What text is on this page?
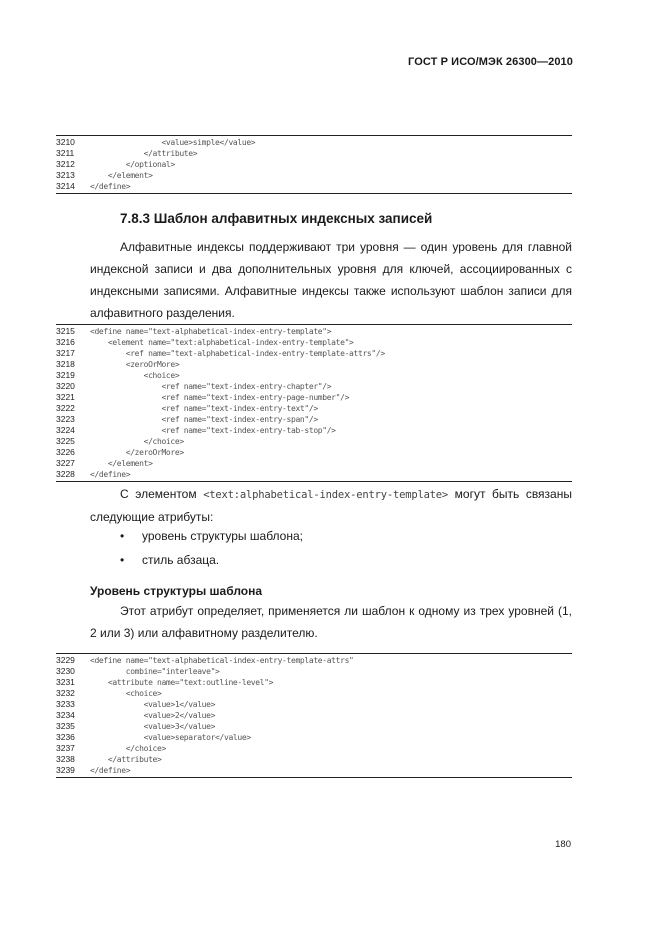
ГОСТ Р ИСО/МЭК 26300—2010
3210	<value>simple</value>
3211	</attribute>
3212	</optional>
3213	</element>
3214	</define>
7.8.3 Шаблон алфавитных индексных записей
Алфавитные индексы поддерживают три уровня — один уровень для главной индексной записи и два дополнительных уровня для ключей, ассоциированных с индексными записями. Алфавитные индексы также используют шаблон записи для алфавитного разделения.
3215	<define name="text-alphabetical-index-entry-template">
3216	<element name="text:alphabetical-index-entry-template">
3217	<ref name="text-alphabetical-index-entry-template-attrs"/>
3218	<zeroOrMore>
3219	<choice>
3220	<ref name="text-index-entry-chapter"/>
3221	<ref name="text-index-entry-page-number"/>
3222	<ref name="text-index-entry-text"/>
3223	<ref name="text-index-entry-span"/>
3224	<ref name="text-index-entry-tab-stop"/>
3225	</choice>
3226	</zeroOrMore>
3227	</element>
3228	</define>
С элементом <text:alphabetical-index-entry-template> могут быть связаны следующие атрибуты:
• уровень структуры шаблона;
• стиль абзаца.
Уровень структуры шаблона
Этот атрибут определяет, применяется ли шаблон к одному из трех уровней (1, 2 или 3) или алфавитному разделителю.
3229	<define name="text-alphabetical-index-entry-template-attrs"
3230	combine="interleave">
3231	<attribute name="text:outline-level">
3232	<choice>
3233	<value>1</value>
3234	<value>2</value>
3235	<value>3</value>
3236	<value>separator</value>
3237	</choice>
3238	</attribute>
3239	</define>
180
